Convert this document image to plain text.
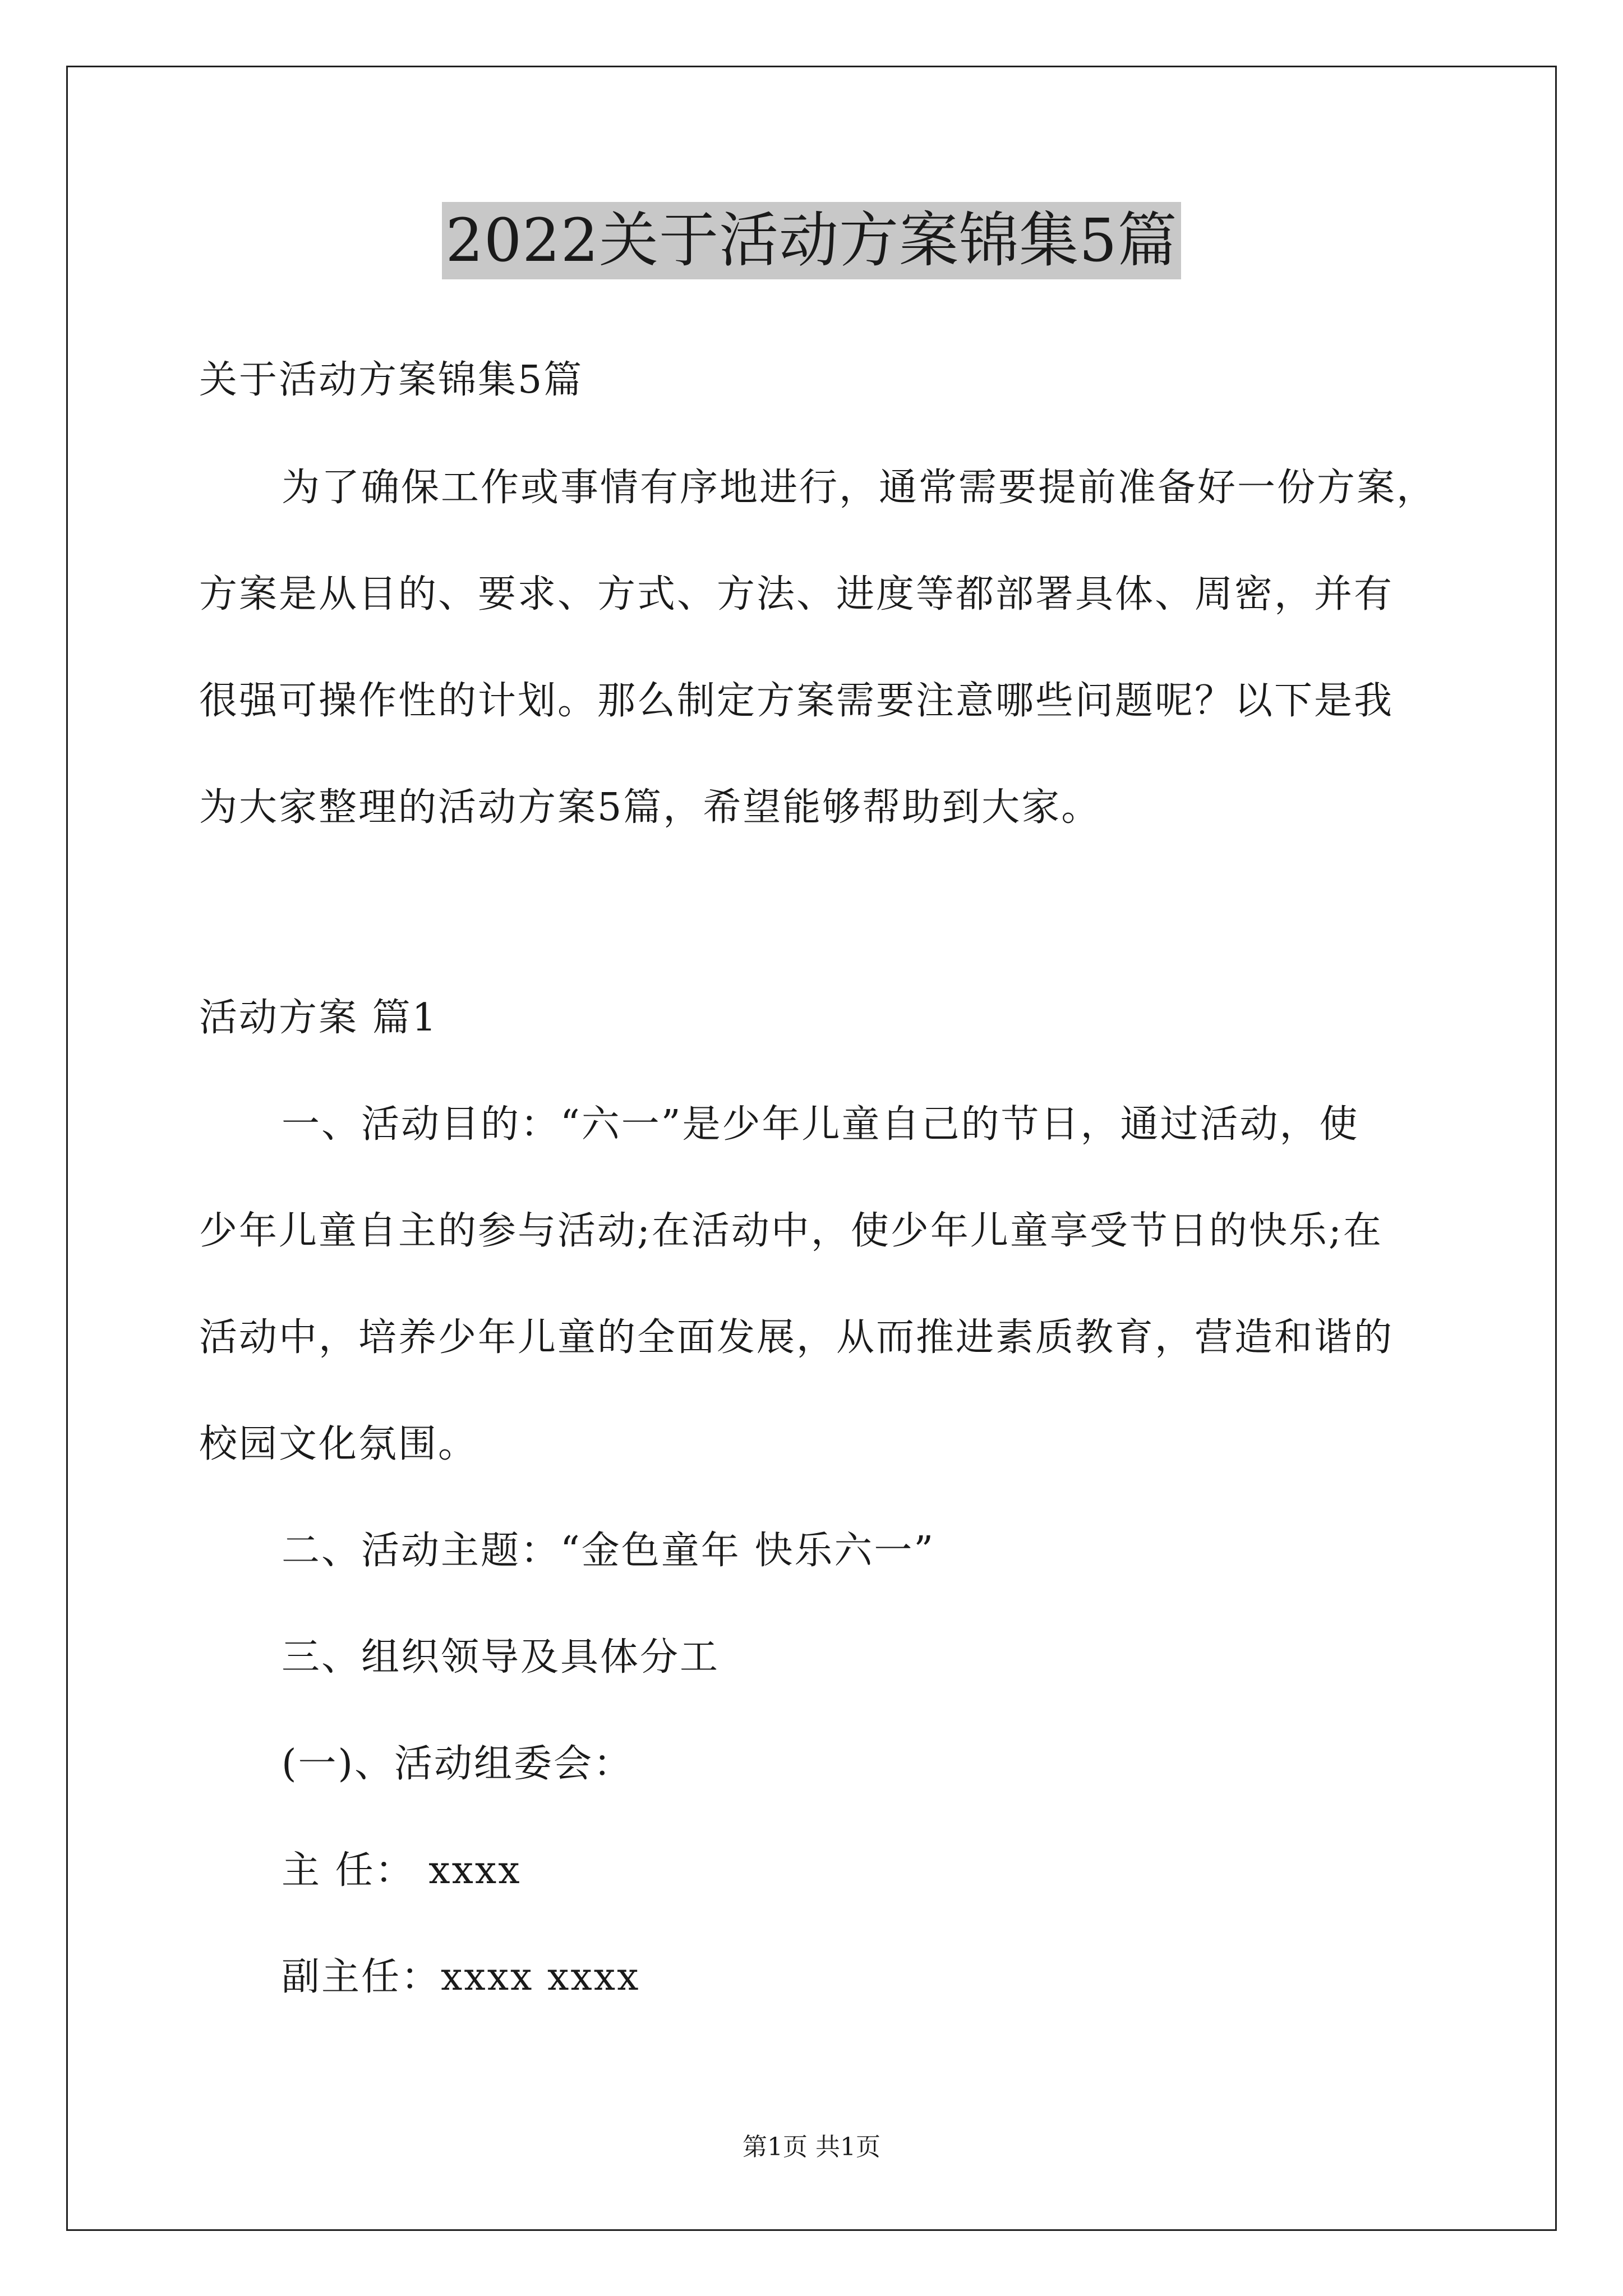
2022关于活动方案锦集5篇
关于活动方案锦集5篇
为了确保工作或事情有序地进行，通常需要提前准备好一份方案，
方案是从目的、要求、方式、方法、进度等都部署具体、周密，并有
很强可操作性的计划。那么制定方案需要注意哪些问题呢？以下是我
为大家整理的活动方案5篇，希望能够帮助到大家。
活动方案 篇1
一、活动目的：“六一”是少年儿童自己的节日，通过活动，使
少年儿童自主的参与活动;在活动中，使少年儿童享受节日的快乐;在
活动中，培养少年儿童的全面发展，从而推进素质教育，营造和谐的
校园文化氛围。
二、活动主题：“金色童年 快乐六一”
三、组织领导及具体分工
(一)、活动组委会：
主 任： xxxx
副主任：xxxx xxxx
第1页 共1页
